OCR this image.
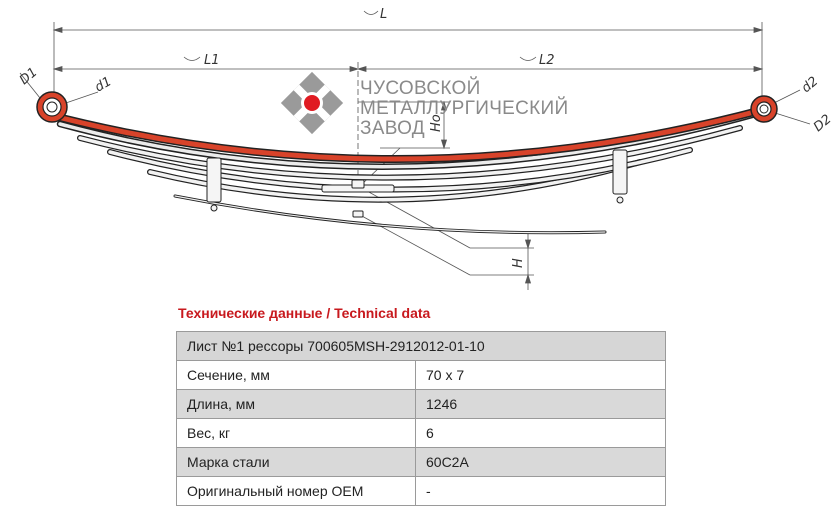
ЧУСОВСКОЙ
МЕТАЛЛУРГИЧЕСКИЙ
ЗАВОД
L
L1	L2
D1	d1	d2
D2
Ho
H
Технические данные / Technical data
Лист №1 рессоры 700605MSH-2912012-01-10	
Сечение, мм	70 x 7
Длина, мм	1246
Вес, кг	6
Марка стали	60С2А
Оригинальный номер OEM	-
